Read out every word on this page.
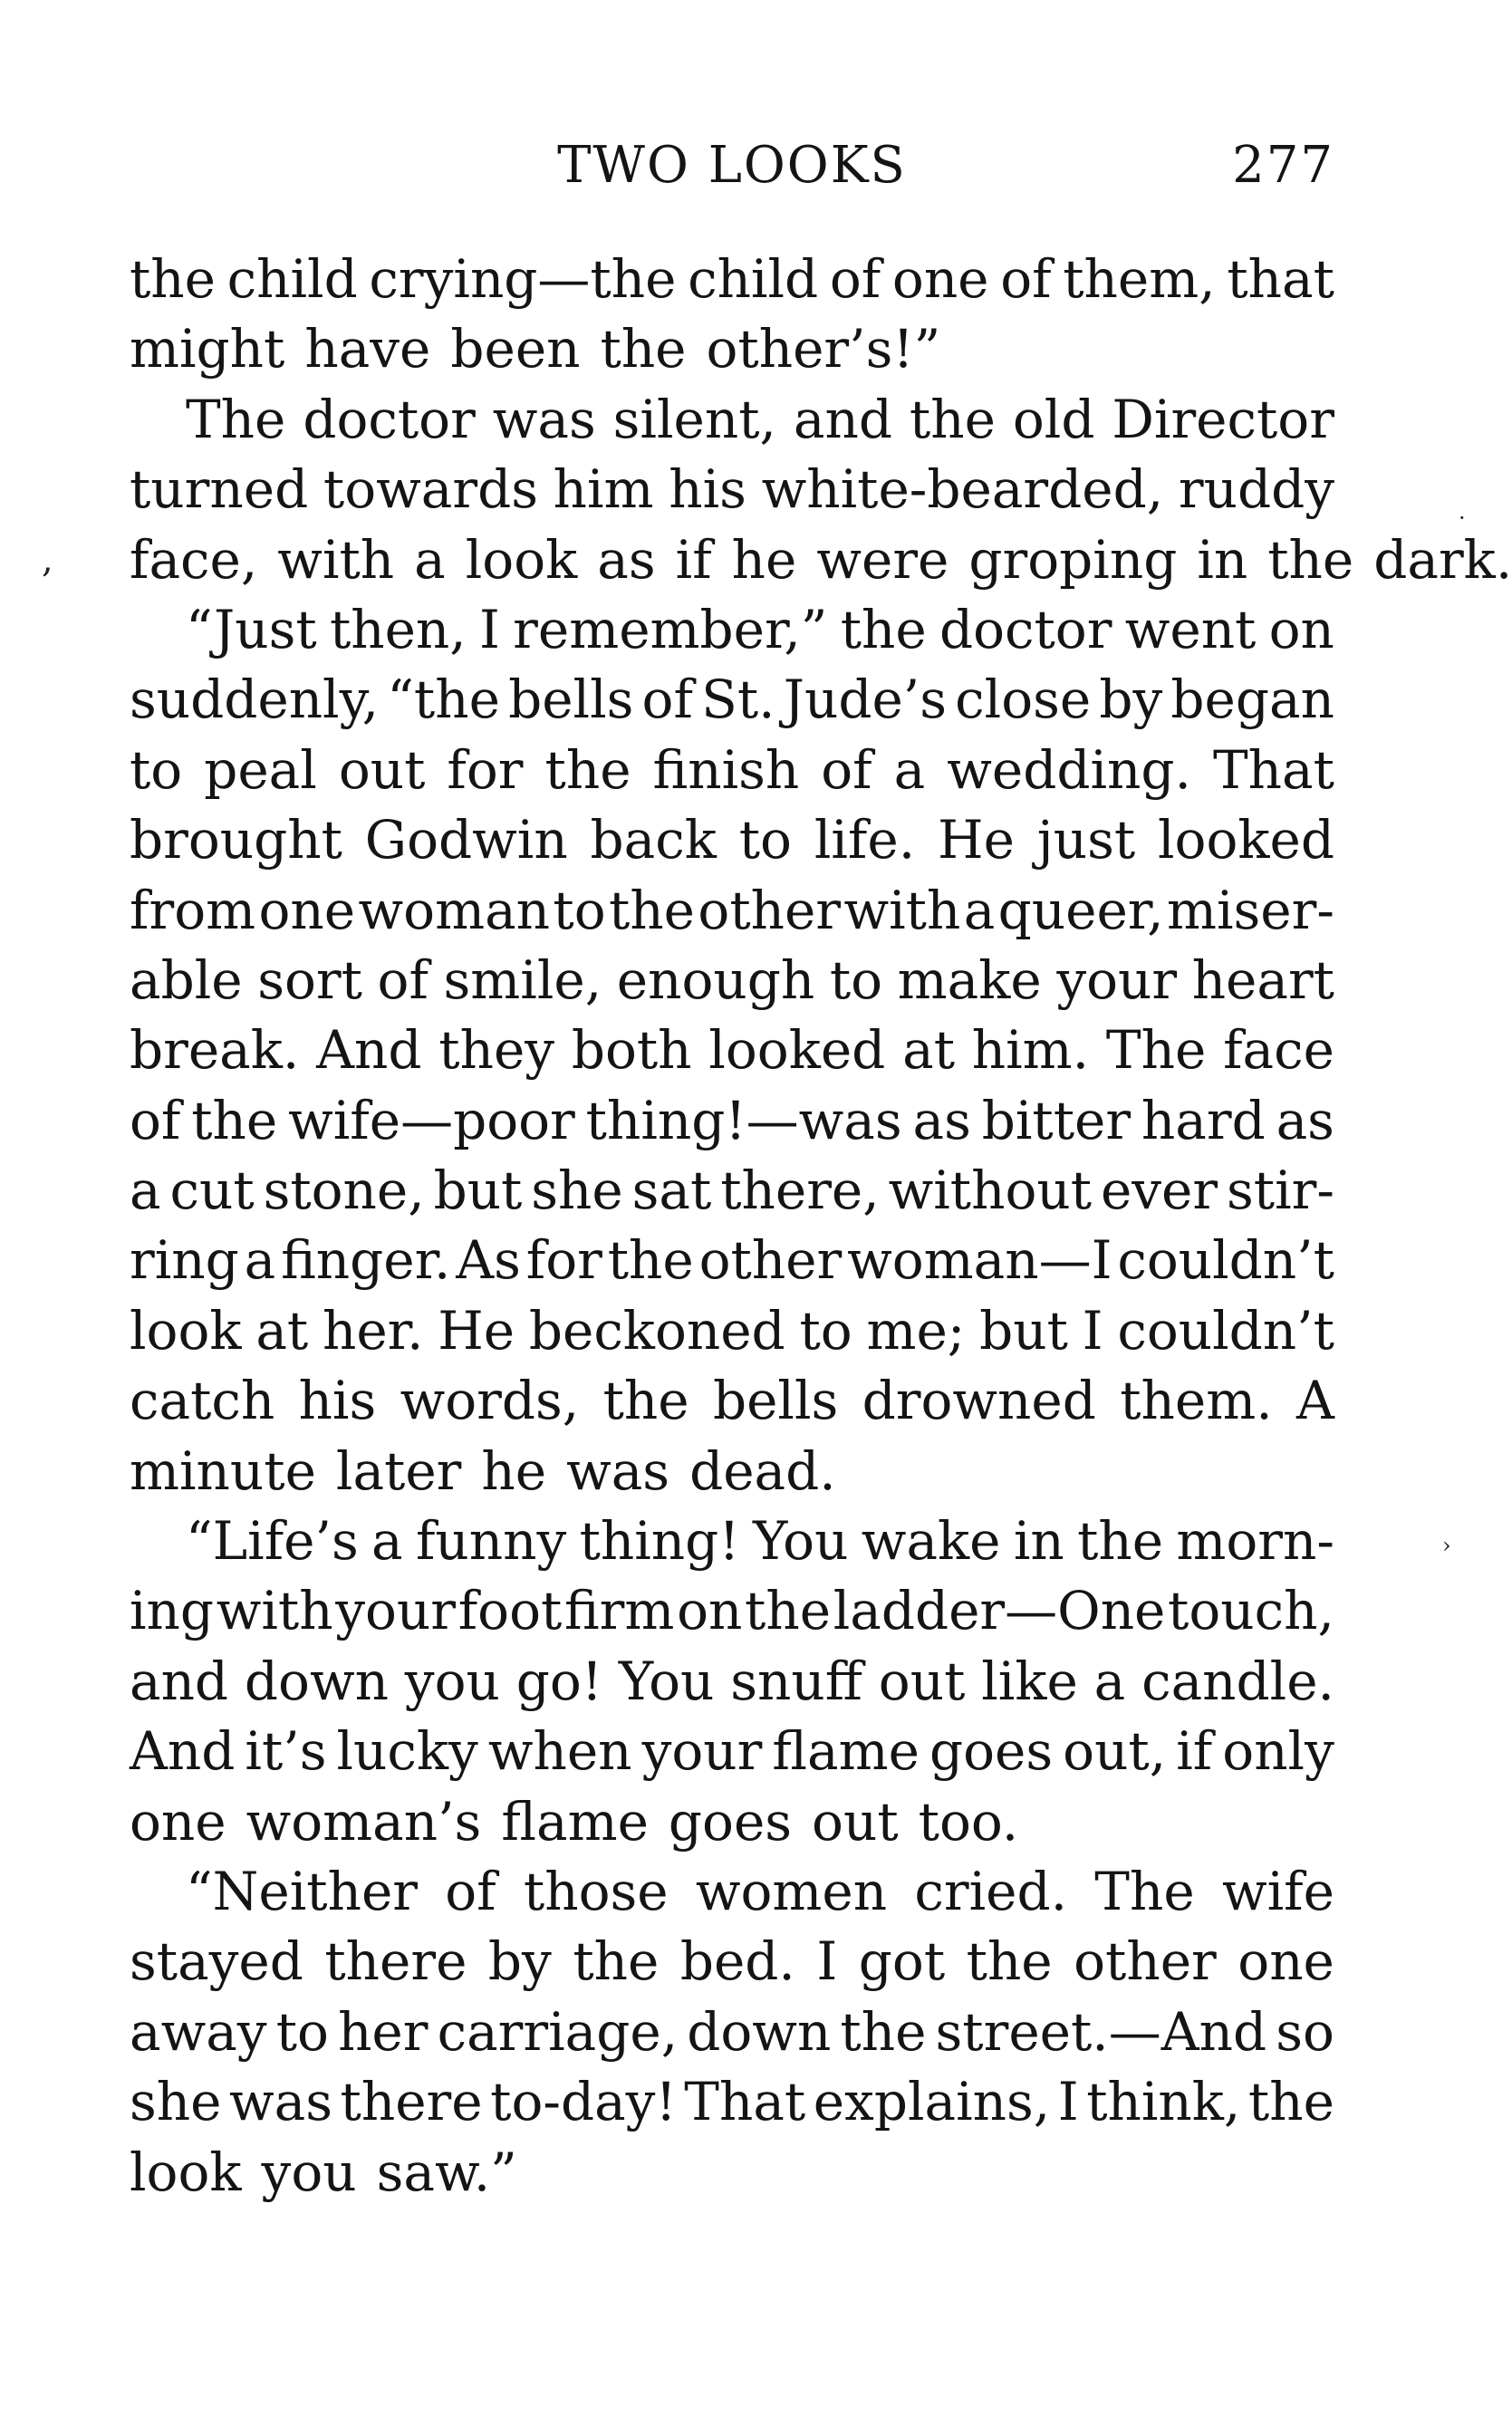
TWO LOOKS	277
the child crying—the child of one of them, that
might have been the other’s!”
The doctor was silent, and the old Director
turned towards him his white-bearded, ruddy
face, with a look as if he were groping in the dark.
“Just then, I remember,” the doctor went on
suddenly, “the bells of St. Jude’s close by began
to peal out for the finish of a wedding. That
brought Godwin back to life. He just looked
from one woman to the other with a queer, miser-
able sort of smile, enough to make your heart
break. And they both looked at him. The face
of the wife—poor thing!—was as bitter hard as
a cut stone, but she sat there, without ever stir-
ring a finger. As for the other woman—I couldn’t
look at her. He beckoned to me; but I couldn’t
catch his words, the bells drowned them. A
minute later he was dead.
“Life’s a funny thing! You wake in the morn-
ing with your foot firm on the ladder—One touch,
and down you go! You snuff out like a candle.
And it’s lucky when your flame goes out, if only
one woman’s flame goes out too.
“Neither of those women cried. The wife
stayed there by the bed. I got the other one
away to her carriage, down the street.—And so
she was there to-day! That explains, I think, the
look you saw.”
,
·
›
